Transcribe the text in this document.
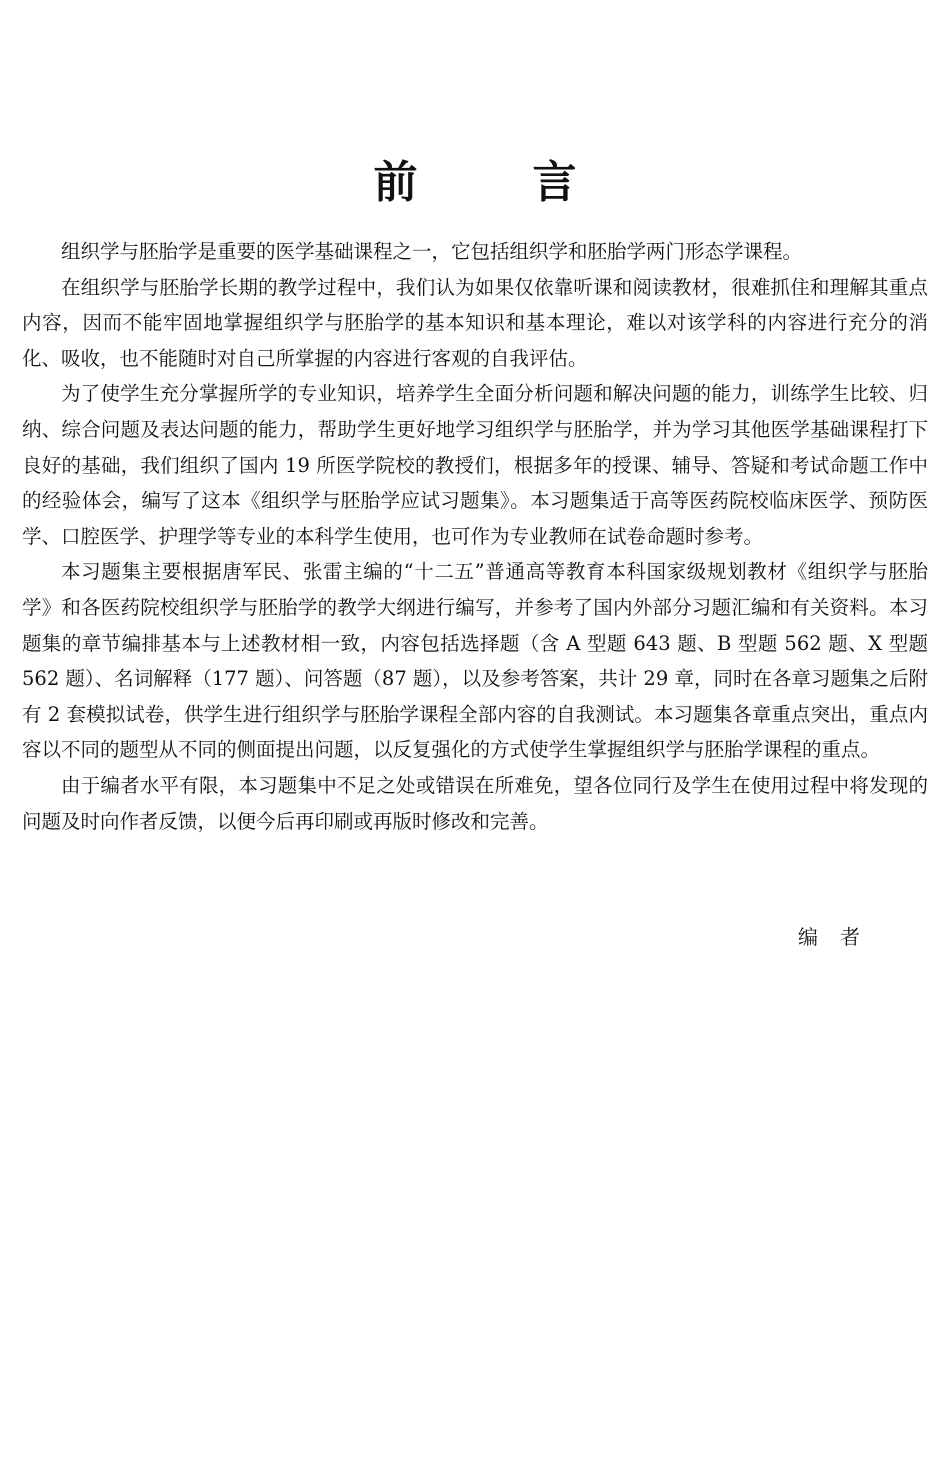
前言

组织学与胚胎学是重要的医学基础课程之一，它包括组织学和胚胎学两门形态学课程。

在组织学与胚胎学长期的教学过程中，我们认为如果仅依靠听课和阅读教材，很难抓住和理解其重点内容，因而不能牢固地掌握组织学与胚胎学的基本知识和基本理论，难以对该学科的内容进行充分的消化、吸收，也不能随时对自己所掌握的内容进行客观的自我评估。

为了使学生充分掌握所学的专业知识，培养学生全面分析问题和解决问题的能力，训练学生比较、归纳、综合问题及表达问题的能力，帮助学生更好地学习组织学与胚胎学，并为学习其他医学基础课程打下良好的基础，我们组织了国内 19 所医学院校的教授们，根据多年的授课、辅导、答疑和考试命题工作中的经验体会，编写了这本《组织学与胚胎学应试习题集》。本习题集适于高等医药院校临床医学、预防医学、口腔医学、护理学等专业的本科学生使用，也可作为专业教师在试卷命题时参考。

本习题集主要根据唐军民、张雷主编的“十二五”普通高等教育本科国家级规划教材《组织学与胚胎学》和各医药院校组织学与胚胎学的教学大纲进行编写，并参考了国内外部分习题汇编和有关资料。本习题集的章节编排基本与上述教材相一致，内容包括选择题（含 A 型题 643 题、B 型题 562 题、X 型题 562 题）、名词解释（177 题）、问答题（87 题），以及参考答案，共计 29 章，同时在各章习题集之后附有 2 套模拟试卷，供学生进行组织学与胚胎学课程全部内容的自我测试。本习题集各章重点突出，重点内容以不同的题型从不同的侧面提出问题，以反复强化的方式使学生掌握组织学与胚胎学课程的重点。

由于编者水平有限，本习题集中不足之处或错误在所难免，望各位同行及学生在使用过程中将发现的问题及时向作者反馈，以便今后再印刷或再版时修改和完善。

编者
